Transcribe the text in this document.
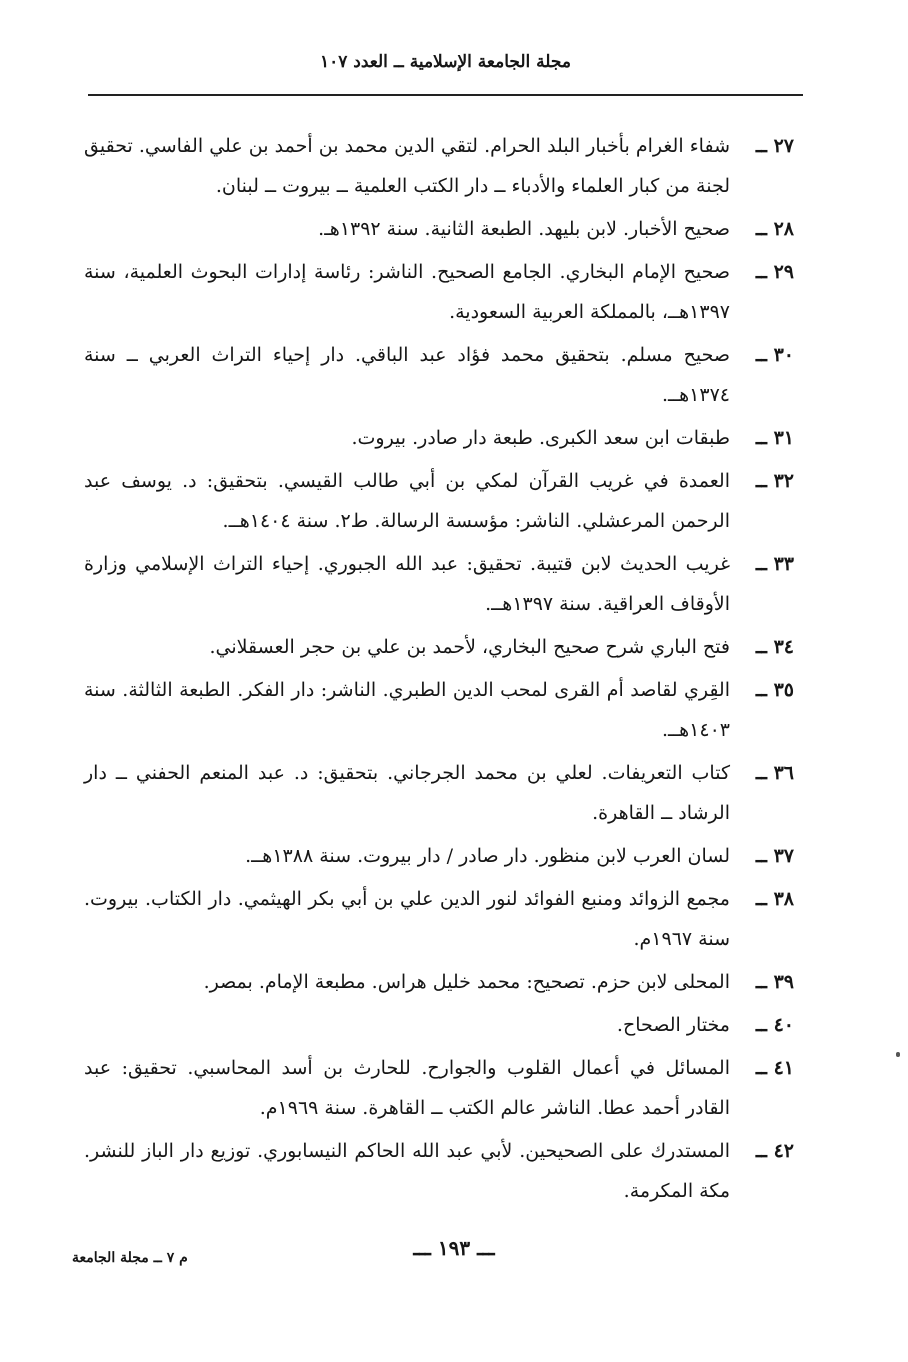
مجلة الجامعة الإسلامية ــ العدد ١٠٧
٢٧ ــ
شفاء الغرام بأخبار البلد الحرام. لتقي الدين محمد بن أحمد بن علي الفاسي. تحقيق لجنة من كبار العلماء والأدباء ــ دار الكتب العلمية ــ بيروت ــ لبنان.
٢٨ ــ
صحيح الأخبار. لابن بليهد. الطبعة الثانية. سنة ١٣٩٢هـ.
٢٩ ــ
صحيح الإمام البخاري. الجامع الصحيح. الناشر: رئاسة إدارات البحوث العلمية، سنة ١٣٩٧هــ، بالمملكة العربية السعودية.
٣٠ ــ
صحيح مسلم. بتحقيق محمد فؤاد عبد الباقي. دار إحياء التراث العربي ــ سنة ١٣٧٤هــ.
٣١ ــ
طبقات ابن سعد الكبرى. طبعة دار صادر. بيروت.
٣٢ ــ
العمدة في غريب القرآن لمكي بن أبي طالب القيسي. بتحقيق: د. يوسف عبد الرحمن المرعشلي. الناشر: مؤسسة الرسالة. ط٢. سنة ١٤٠٤هــ.
٣٣ ــ
غريب الحديث لابن قتيبة. تحقيق: عبد الله الجبوري. إحياء التراث الإسلامي وزارة الأوقاف العراقية. سنة ١٣٩٧هــ.
٣٤ ــ
فتح الباري شرح صحيح البخاري، لأحمد بن علي بن حجر العسقلاني.
٣٥ ــ
القِري لقاصد أم القرى لمحب الدين الطبري. الناشر: دار الفكر. الطبعة الثالثة. سنة ١٤٠٣هــ.
٣٦ ــ
كتاب التعريفات. لعلي بن محمد الجرجاني. بتحقيق: د. عبد المنعم الحفني ــ دار الرشاد ــ القاهرة.
٣٧ ــ
لسان العرب لابن منظور. دار صادر / دار بيروت. سنة ١٣٨٨هــ.
٣٨ ــ
مجمع الزوائد ومنبع الفوائد لنور الدين علي بن أبي بكر الهيثمي. دار الكتاب. بيروت. سنة ١٩٦٧م.
٣٩ ــ
المحلى لابن حزم. تصحيح: محمد خليل هراس. مطبعة الإمام. بمصر.
٤٠ ــ
مختار الصحاح.
٤١ ــ
المسائل في أعمال القلوب والجوارح. للحارث بن أسد المحاسبي. تحقيق: عبد القادر أحمد عطا. الناشر عالم الكتب ــ القاهرة. سنة ١٩٦٩م.
٤٢ ــ
المستدرك على الصحيحين. لأبي عبد الله الحاكم النيسابوري. توزيع دار الباز للنشر. مكة المكرمة.
ـــ ١٩٣ ـــ
م ٧ ــ مجلة الجامعة
